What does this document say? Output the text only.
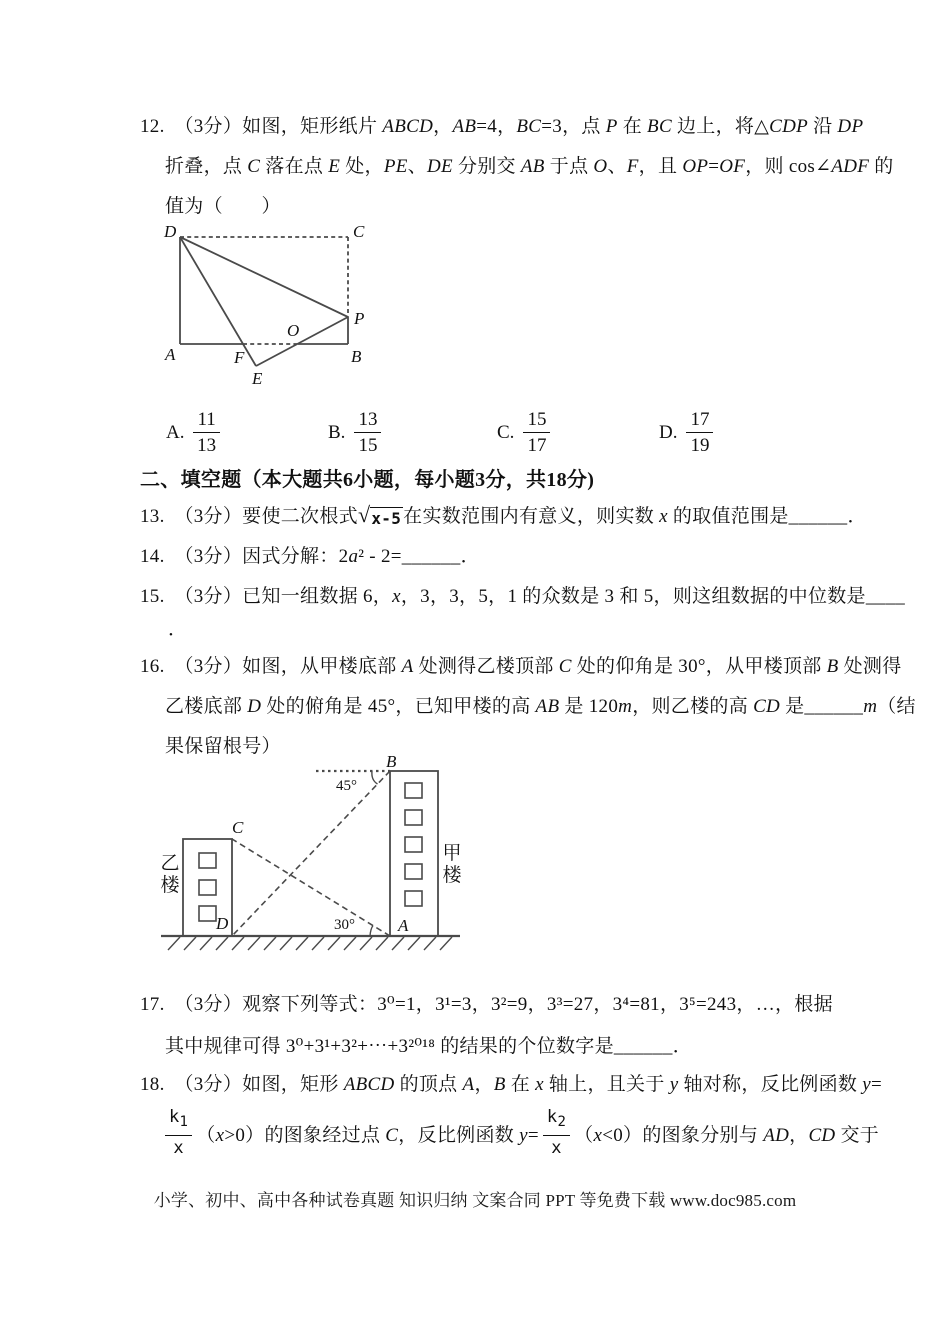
12.　（3分）如图，矩形纸片 ABCD，AB=4，BC=3，点 P 在 BC 边上，将△CDP 沿 DP
折叠，点 C 落在点 E 处，PE、DE 分别交 AB 于点 O、F，且 OP=OF，则 cos∠ADF 的
值为（　　）
D	C
A	B
P
O
F
E
A. $\frac{11}{13}$	B. $\frac{13}{15}$	C. $\frac{15}{17}$	D. $\frac{17}{19}$
二、填空题（本大题共6小题，每小题3分，共18分)
13.　（3分）要使二次根式√x-5 在实数范围内有意义，则实数 x 的取值范围是______．
14.　（3分）因式分解：2a² - 2=______．
15.　（3分）已知一组数据 6，x，3，3，5，1 的众数是 3 和 5，则这组数据的中位数是____
．
16.　（3分）如图，从甲楼底部 A 处测得乙楼顶部 C 处的仰角是 30°，从甲楼顶部 B 处测得
乙楼底部 D 处的俯角是 45°，已知甲楼的高 AB 是 120m，则乙楼的高 CD 是______m（结
果保留根号）
B
A
C
D
45°
30°
乙楼
甲楼
17.　（3分）观察下列等式：3⁰=1，3¹=3，3²=9，3³=27，3⁴=81，3⁵=243，…，根据
其中规律可得 3⁰+3¹+3²+⋯+3²⁰¹⁸ 的结果的个位数字是______．
18.　（3分）如图，矩形 ABCD 的顶点 A，B 在 x 轴上，且关于 y 轴对称，反比例函数 y=
$\frac{k_1}{x} (x>0)$的图象经过点 C，反比例函数 $y= \frac{k_2}{x} (x<0)$的图象分别与 AD，CD 交于
小学、初中、高中各种试卷真题 知识归纳 文案合同 PPT 等免费下载 www.doc985.com
